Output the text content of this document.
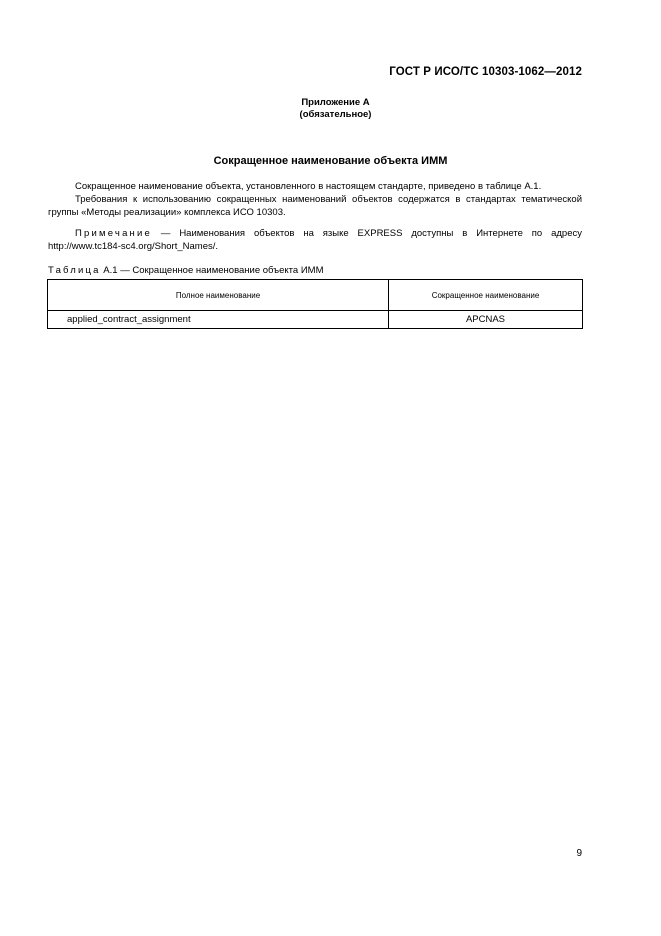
ГОСТ Р ИСО/ТС 10303-1062—2012
Приложение А
(обязательное)
Сокращенное наименование объекта ИММ

Сокращенное наименование объекта, установленного в настоящем стандарте, приведено в таблице А.1.

Требования к использованию сокращенных наименований объектов содержатся в стандартах тематической группы «Методы реализации» комплекса ИСО 10303.

Примечание — Наименования объектов на языке EXPRESS доступны в Интернете по адресу http://www.tc184-sc4.org/Short_Names/.

Таблица А.1 — Сокращенное наименование объекта ИММ
Полное наименование	Сокращенное наименование
applied_contract_assignment	APCNAS
9
